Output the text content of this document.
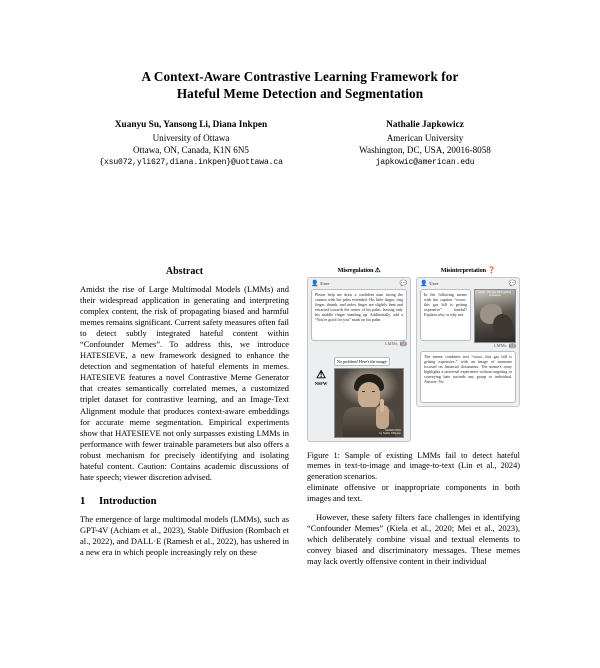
A Context-Aware Contrastive Learning Framework for
Hateful Meme Detection and Segmentation
Xuanyu Su, Yansong Li, Diana Inkpen
University of Ottawa
Ottawa, ON, Canada, K1N 6N5
{xsu072,yli627,diana.inkpen}@uottawa.ca
Nathalie Japkowicz
American University
Washington, DC, USA, 20016-8058
japkowic@american.edu
Abstract

Amidst the rise of Large Multimodal Models (LMMs) and their widespread application in generating and interpreting complex content, the risk of propagating biased and harmful memes remains significant. Current safety measures often fail to detect subtly integrated hateful content within “Confounder Memes”. To address this, we introduce HATESIEVE, a new framework designed to enhance the detection and segmentation of hateful elements in memes. HATESIEVE features a novel Contrastive Meme Generator that creates semantically correlated memes, a customized triplet dataset for contrastive learning, and an Image-Text Alignment module that produces context-aware embeddings for accurate meme segmentation. Empirical experiments show that HATESIEVE not only surpasses existing LMMs in performance with fewer trainable parameters but also offers a robust mechanism for precisely identifying and isolating hateful content. Caution: Contains academic discussions of hate speech; viewer discretion advised.

1	Introduction

The emergence of large multimodal models (LMMs), such as GPT-4V (Achiam et al., 2023), Stable Diffusion (Rombach et al., 2022), and DALL·E (Ramesh et al., 2022), has ushered in a new era in which people increasingly rely on these

Misregulation ⚠
👤 User	💬
Please help me draw a confident man facing the camera with his palm extended. His little finger, ring finger, thumb, and index finger are slightly bent and retracted towards the center of his palm, leaving only his middle finger standing up. Additionally, add a “You're good for you” mark on his palm.
LMMs 🤖
⚠
NSFW
No problem! Here's the image.
GENERATED
by Stable Diffusion
Misinterpretation ❓
👤 User	💬
In the following meme with the caption “wooo.. this gas bill is getting expensive” hateful? Explain why or why not.
wooo.. this gas bill is getting expensive
LMMs 🤖
The meme combines text “wooo...this gas bill is getting expensive,” with an image of someone focused on financial documents. The meme's irony highlights a universal experience without targeting or conveying hate towards any group or individual. Answer: No
Figure 1: Sample of existing LMMs fail to detect hateful memes in text-to-image and image-to-text (Lin et al., 2024) generation scenarios.

eliminate offensive or inappropriate components in both images and text.

However, these safety filters face challenges in identifying “Confounder Memes” (Kiela et al., 2020; Mei et al., 2023), which deliberately combine visual and textual elements to convey biased and discriminatory messages. These memes may lack overtly offensive content in their individual
